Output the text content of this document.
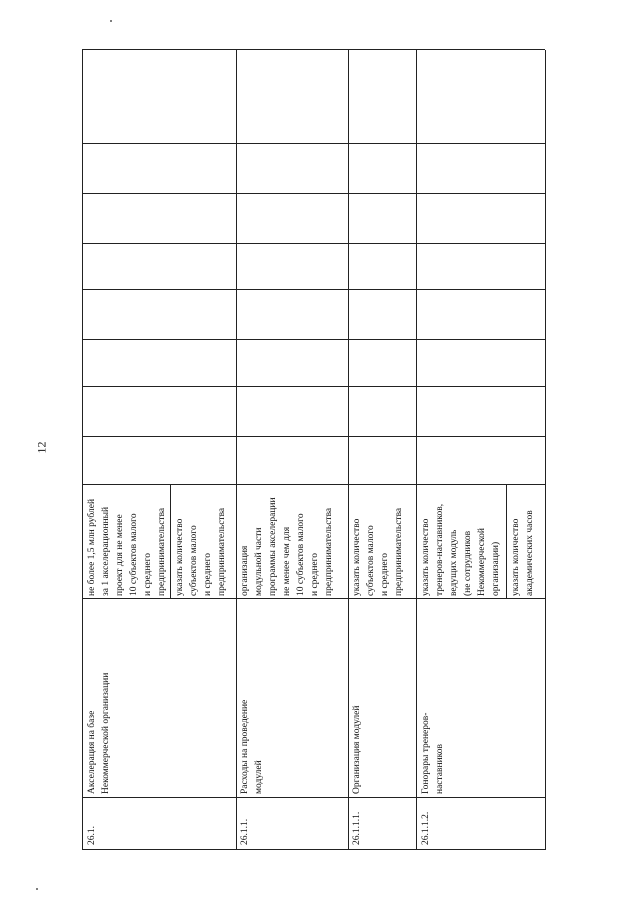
12
26.1.
Акселерация на базе Некоммерческой организации
не более 1,5 млн рублей за 1 акселерационный проект для не менее 10 субъектов малого и среднего предпринимательства указать количество субъектов малого и среднего предпринимательства
26.1.1.
Расходы на проведение модулей
организация модульной части программы акселерации не менее чем для 10 субъектов малого и среднего предпринимательства
26.1.1.1.
Организация модулей
указать количество субъектов малого и среднего предпринимательства
26.1.1.2.
Гонорары тренеров- наставников
указать количество тренеров-наставников, ведущих модуль (не сотрудников Некоммерческой организации) указать количество академических часов
